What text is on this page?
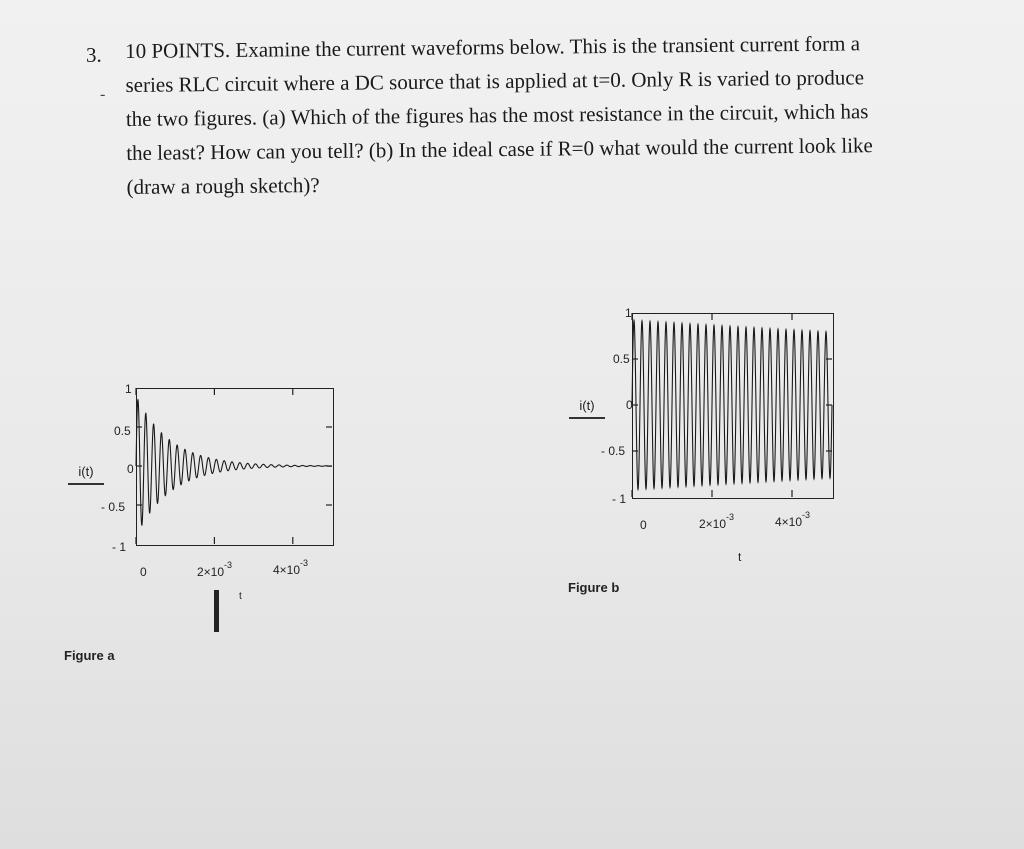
3.
-
10 POINTS. Examine the current waveforms below. This is the transient current form a
series RLC circuit where a DC source that is applied at t=0. Only R is varied to produce
the two figures. (a) Which of the figures has the most resistance in the circuit, which has
the least? How can you tell? (b) In the ideal case if R=0 what would the current look like
(draw a rough sketch)?
1
0.5
0
- 0.5
- 1
0	$2\times 10^{-3}$	$4\times 10^{-3}$
i(t)
t
Figure a
1
0.5
0
- 0.5
- 1
0	$2\times 10^{-3}$	$4\times 10^{-3}$
i(t)
t
Figure b
